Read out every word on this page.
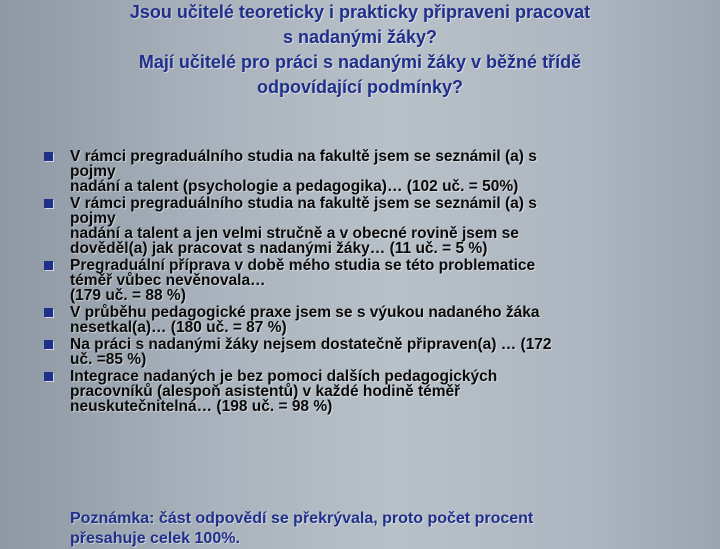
Jsou učitelé teoreticky i prakticky připraveni pracovat
s nadanými žáky?
Mají učitelé pro práci s nadanými žáky v běžné třídě
odpovídající podmínky?
V rámci pregraduálního studia na fakultě jsem se seznámil (a) s
pojmy
nadání a talent (psychologie a pedagogika)… (102 uč. = 50%)
V rámci pregraduálního studia na fakultě jsem se seznámil (a) s
pojmy
nadání a talent a jen velmi stručně a v obecné rovině jsem se
dověděl(a) jak pracovat s nadanými žáky… (11 uč. = 5 %)
Pregraduální příprava v době mého studia se této problematice
téměř vůbec nevěnovala…
(179 uč. = 88 %)
V průběhu pedagogické praxe jsem se s výukou nadaného žáka
nesetkal(a)… (180 uč. = 87 %)
Na práci s nadanými žáky nejsem dostatečně připraven(a) … (172
uč. =85 %)
Integrace nadaných je bez pomoci dalších pedagogických
pracovníků (alespoň asistentů) v každé hodině téměř
neuskutečnitelná… (198 uč. = 98 %)
Poznámka: část odpovědí se překrývala, proto počet procent
přesahuje celek 100%.
